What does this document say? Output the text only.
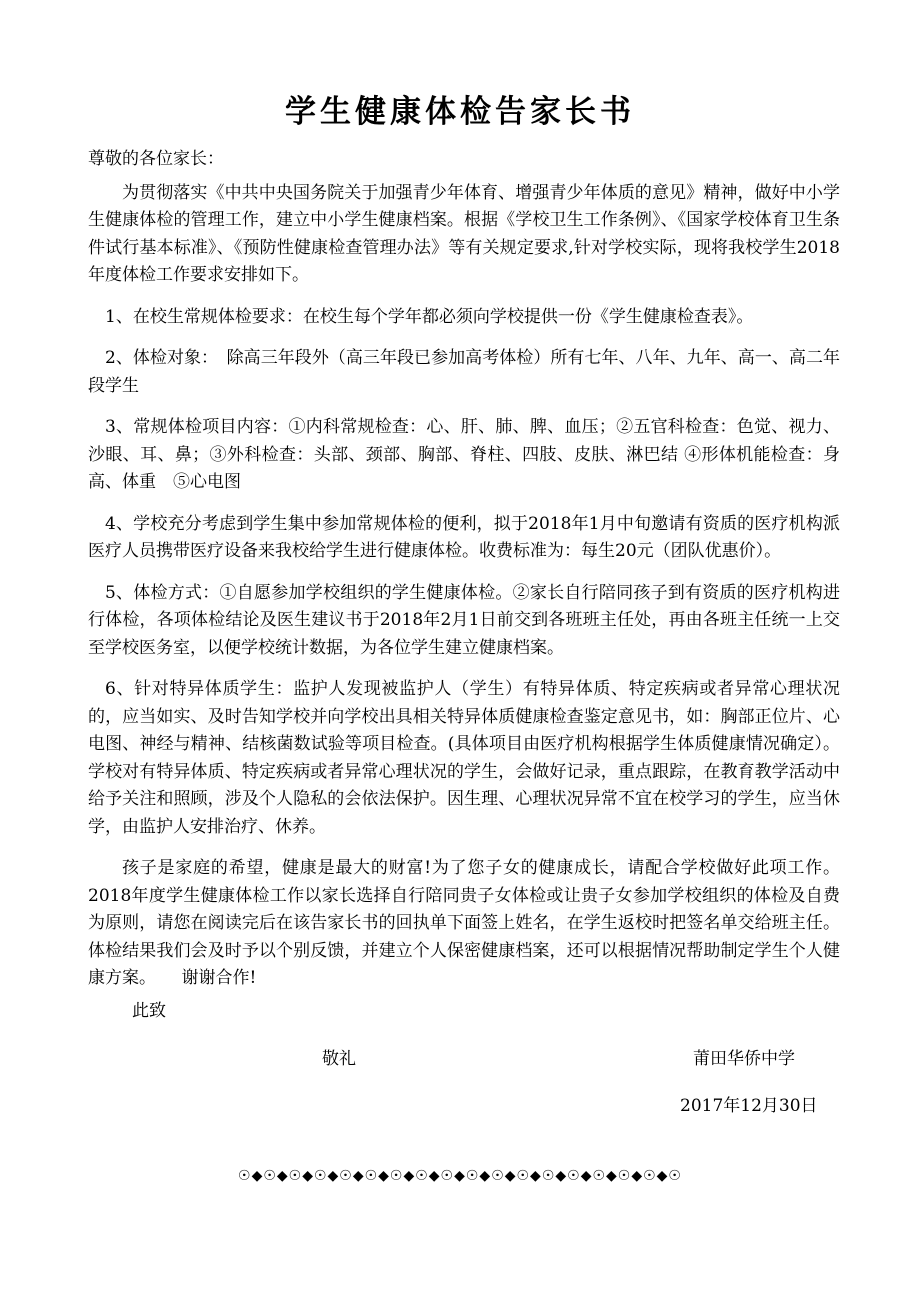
学生健康体检告家长书

尊敬的各位家长：

为贯彻落实《中共中央国务院关于加强青少年体育、增强青少年体质的意见》精神，做好中小学生健康体检的管理工作，建立中小学生健康档案。根据《学校卫生工作条例》、《国家学校体育卫生条件试行基本标准》、《预防性健康检查管理办法》等有关规定要求,针对学校实际，现将我校学生2018年度体检工作要求安排如下。

1、在校生常规体检要求：在校生每个学年都必须向学校提供一份《学生健康检查表》。

2、体检对象：　除高三年段外（高三年段已参加高考体检）所有七年、八年、九年、高一、高二年段学生

3、常规体检项目内容：①内科常规检查：心、肝、肺、脾、血压；②五官科检查：色觉、视力、沙眼、耳、鼻；③外科检查：头部、颈部、胸部、脊柱、四肢、皮肤、淋巴结 ④形体机能检查：身高、体重　⑤心电图

4、学校充分考虑到学生集中参加常规体检的便利，拟于2018年1月中旬邀请有资质的医疗机构派医疗人员携带医疗设备来我校给学生进行健康体检。收费标准为：每生20元（团队优惠价）。

5、体检方式：①自愿参加学校组织的学生健康体检。②家长自行陪同孩子到有资质的医疗机构进行体检，各项体检结论及医生建议书于2018年2月1日前交到各班班主任处，再由各班主任统一上交至学校医务室，以便学校统计数据，为各位学生建立健康档案。

6、针对特异体质学生：监护人发现被监护人（学生）有特异体质、特定疾病或者异常心理状况的，应当如实、及时告知学校并向学校出具相关特异体质健康检查鉴定意见书，如：胸部正位片、心电图、神经与精神、结核菌数试验等项目检查。(具体项目由医疗机构根据学生体质健康情况确定）。学校对有特异体质、特定疾病或者异常心理状况的学生，会做好记录，重点跟踪，在教育教学活动中给予关注和照顾，涉及个人隐私的会依法保护。因生理、心理状况异常不宜在校学习的学生，应当休学，由监护人安排治疗、休养。

孩子是家庭的希望，健康是最大的财富!为了您子女的健康成长，请配合学校做好此项工作。2018年度学生健康体检工作以家长选择自行陪同贵子女体检或让贵子女参加学校组织的体检及自费为原则，请您在阅读完后在该告家长书的回执单下面签上姓名，在学生返校时把签名单交给班主任。体检结果我们会及时予以个别反馈，并建立个人保密健康档案，还可以根据情况帮助制定学生个人健康方案。　　谢谢合作!

此致
敬礼	莆田华侨中学
2017年12月30日
☉◆☉◆☉◆☉◆☉◆☉◆☉◆☉◆☉◆☉◆☉◆☉◆☉◆☉◆☉◆☉◆☉◆☉
